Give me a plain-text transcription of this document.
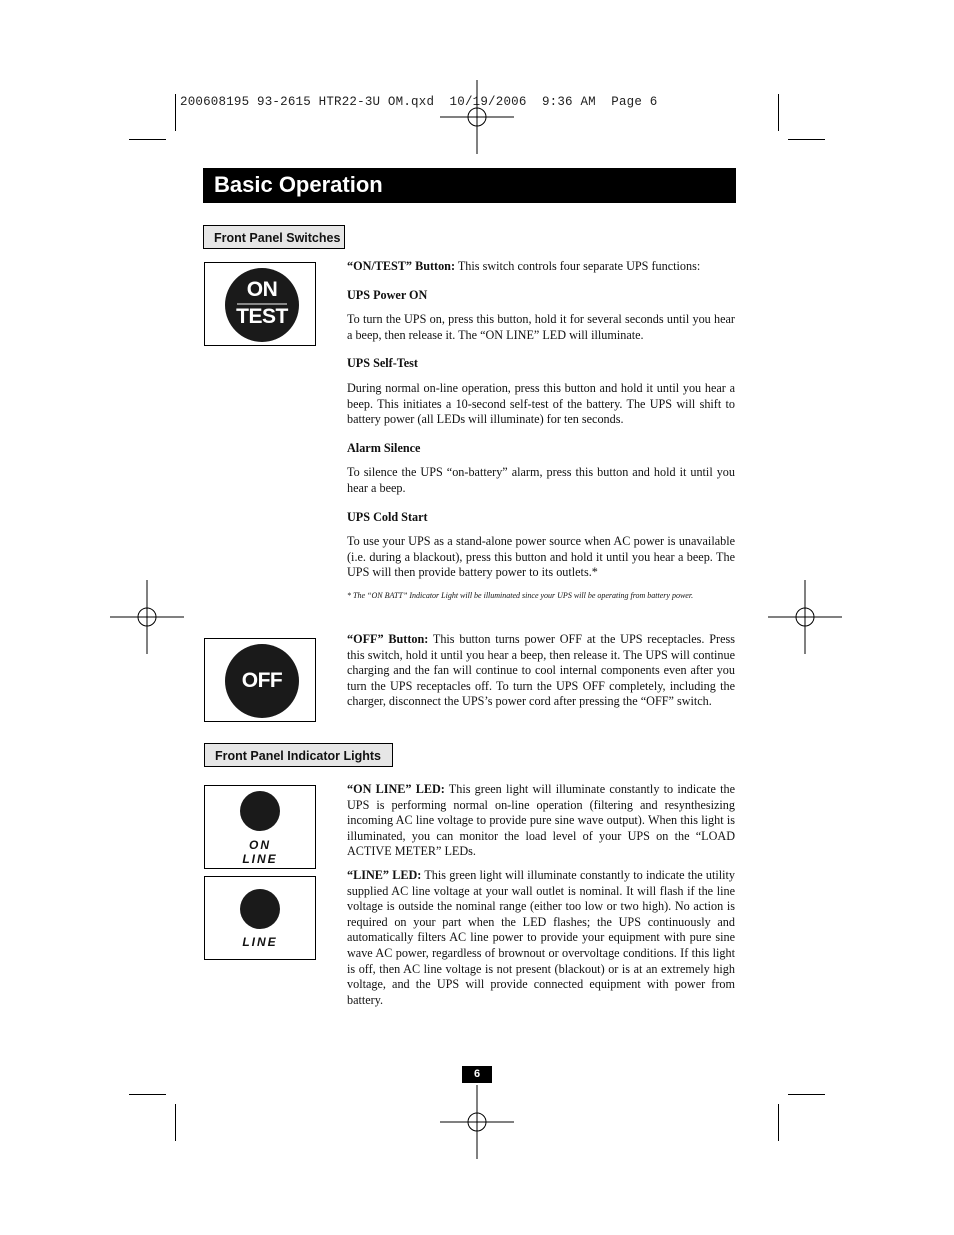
200608195 93-2615 HTR22-3U OM.qxd  10/19/2006  9:36 AM  Page 6
Basic Operation
Front Panel Switches
ON
TEST

“ON/TEST” Button: This switch controls four separate UPS functions:

UPS Power ON

To turn the UPS on, press this button, hold it for several seconds until you hear a beep, then release it. The “ON LINE” LED will illuminate.

UPS Self-Test

During normal on-line operation, press this button and hold it until you hear a beep. This initiates a 10-second self-test of the battery. The UPS will shift to battery power (all LEDs will illuminate) for ten seconds.

Alarm Silence

To silence the UPS “on-battery” alarm, press this button and hold it until you hear a beep.

UPS Cold Start

To use your UPS as a stand-alone power source when AC power is unavailable (i.e. during a blackout), press this button and hold it until you hear a beep. The UPS will then provide battery power to its outlets.*

* The “ON BATT” Indicator Light will be illuminated since your UPS will be operating from battery power.

OFF

“OFF” Button: This button turns power OFF at the UPS receptacles. Press this switch, hold it until you hear a beep, then release it. The UPS will continue charging and the fan will continue to cool internal components even after you turn the UPS receptacles off. To turn the UPS OFF completely, including the charger, disconnect the UPS’s power cord after pressing the “OFF” switch.

Front Panel Indicator Lights
ON
LINE
LINE

“ON LINE” LED: This green light will illuminate constantly to indicate the UPS is performing normal on-line operation (filtering and resynthesizing incoming AC line voltage to provide pure sine wave output). When this light is illuminated, you can monitor the load level of your UPS on the “LOAD ACTIVE METER” LEDs.

“LINE” LED: This green light will illuminate constantly to indicate the utility supplied AC line voltage at your wall outlet is nominal. It will flash if the line voltage is outside the nominal range (either too low or two high). No action is required on your part when the LED flashes; the UPS continuously and automatically filters AC line power to provide your equipment with pure sine wave AC power, regardless of brownout or overvoltage conditions. If this light is off, then AC line voltage is not present (blackout) or is at an extremely high voltage, and the UPS will provide connected equipment with power from battery.

6
